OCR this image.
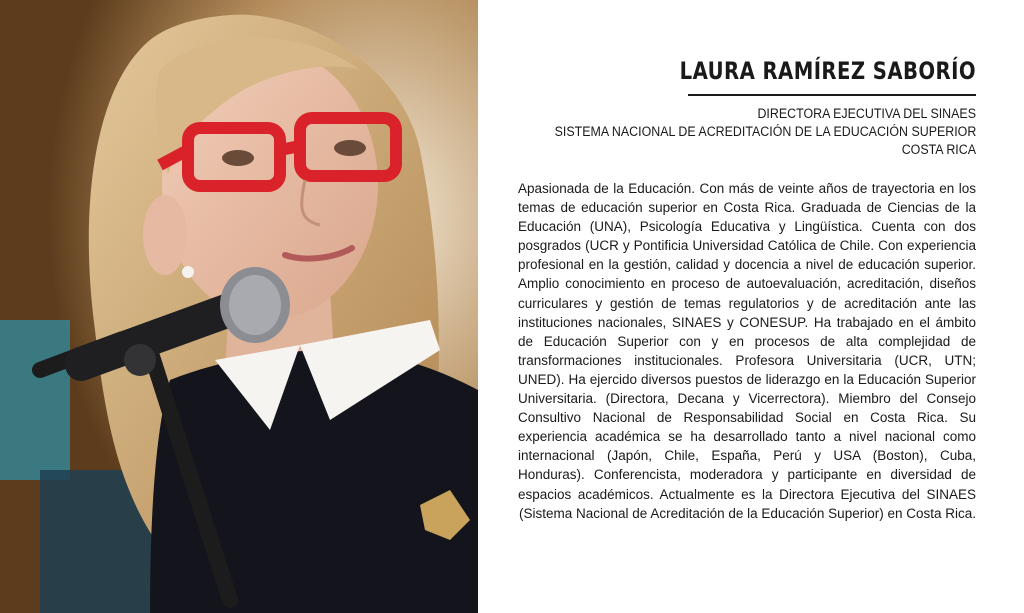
LAURA RAMÍREZ SABORÍO
DIRECTORA EJECUTIVA DEL SINAES
SISTEMA NACIONAL DE ACREDITACIÓN DE LA EDUCACIÓN SUPERIOR
COSTA RICA

Apasionada de la Educación. Con más de veinte años de trayectoria en los temas de educación superior en Costa Rica. Graduada de Ciencias de la Educación (UNA), Psicología Educativa y Lingüística. Cuenta con dos posgrados (UCR y Pontificia Universidad Católica de Chile. Con experiencia profesional en la gestión, calidad y docencia a nivel de educación superior. Amplio conocimiento en proceso de autoevaluación, acreditación, diseños curriculares y gestión de temas regulatorios y de acreditación ante las instituciones nacionales, SINAES y CONESUP. Ha trabajado en el ámbito de Educación Superior con y en procesos de alta complejidad de transformaciones institucionales. Profesora Universitaria (UCR, UTN; UNED). Ha ejercido diversos puestos de liderazgo en la Educación Superior Universitaria. (Directora, Decana y Vicerrectora). Miembro del Consejo Consultivo Nacional de Responsabilidad Social en Costa Rica. Su experiencia académica se ha desarrollado tanto a nivel nacional como internacional (Japón, Chile, España, Perú y USA (Boston), Cuba, Honduras). Conferencista, moderadora y participante en diversidad de espacios académicos. Actualmente es la Directora Ejecutiva del SINAES (Sistema Nacional de Acreditación de la Educación Superior) en Costa Rica.
